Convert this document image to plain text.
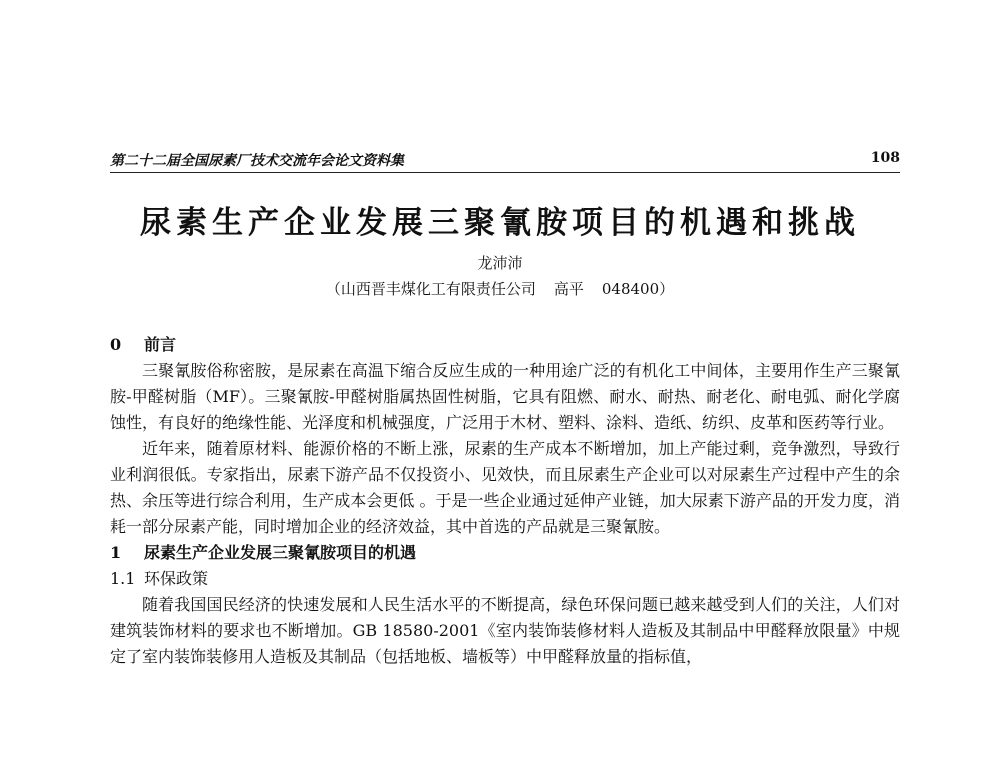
第二十二届全国尿素厂技术交流年会论文资料集	108
尿素生产企业发展三聚氰胺项目的机遇和挑战
龙沛沛
（山西晋丰煤化工有限责任公司 高平 048400）

0 前言

三聚氰胺俗称密胺，是尿素在高温下缩合反应生成的一种用途广泛的有机化工中间体，主要用作生产三聚氰胺-甲醛树脂（MF）。三聚氰胺-甲醛树脂属热固性树脂，它具有阻燃、耐水、耐热、耐老化、耐电弧、耐化学腐蚀性，有良好的绝缘性能、光泽度和机械强度，广泛用于木材、塑料、涂料、造纸、纺织、皮革和医药等行业。

近年来，随着原材料、能源价格的不断上涨，尿素的生产成本不断增加，加上产能过剩，竞争激烈，导致行业利润很低。专家指出，尿素下游产品不仅投资小、见效快，而且尿素生产企业可以对尿素生产过程中产生的余热、余压等进行综合利用，生产成本会更低 。于是一些企业通过延伸产业链，加大尿素下游产品的开发力度，消耗一部分尿素产能，同时增加企业的经济效益，其中首选的产品就是三聚氰胺。

1 尿素生产企业发展三聚氰胺项目的机遇

1.1 环保政策

随着我国国民经济的快速发展和人民生活水平的不断提高，绿色环保问题已越来越受到人们的关注，人们对建筑装饰材料的要求也不断增加。GB 18580-2001《室内装饰装修材料人造板及其制品中甲醛释放限量》中规定了室内装饰装修用人造板及其制品（包括地板、墙板等）中甲醛释放量的指标值，
